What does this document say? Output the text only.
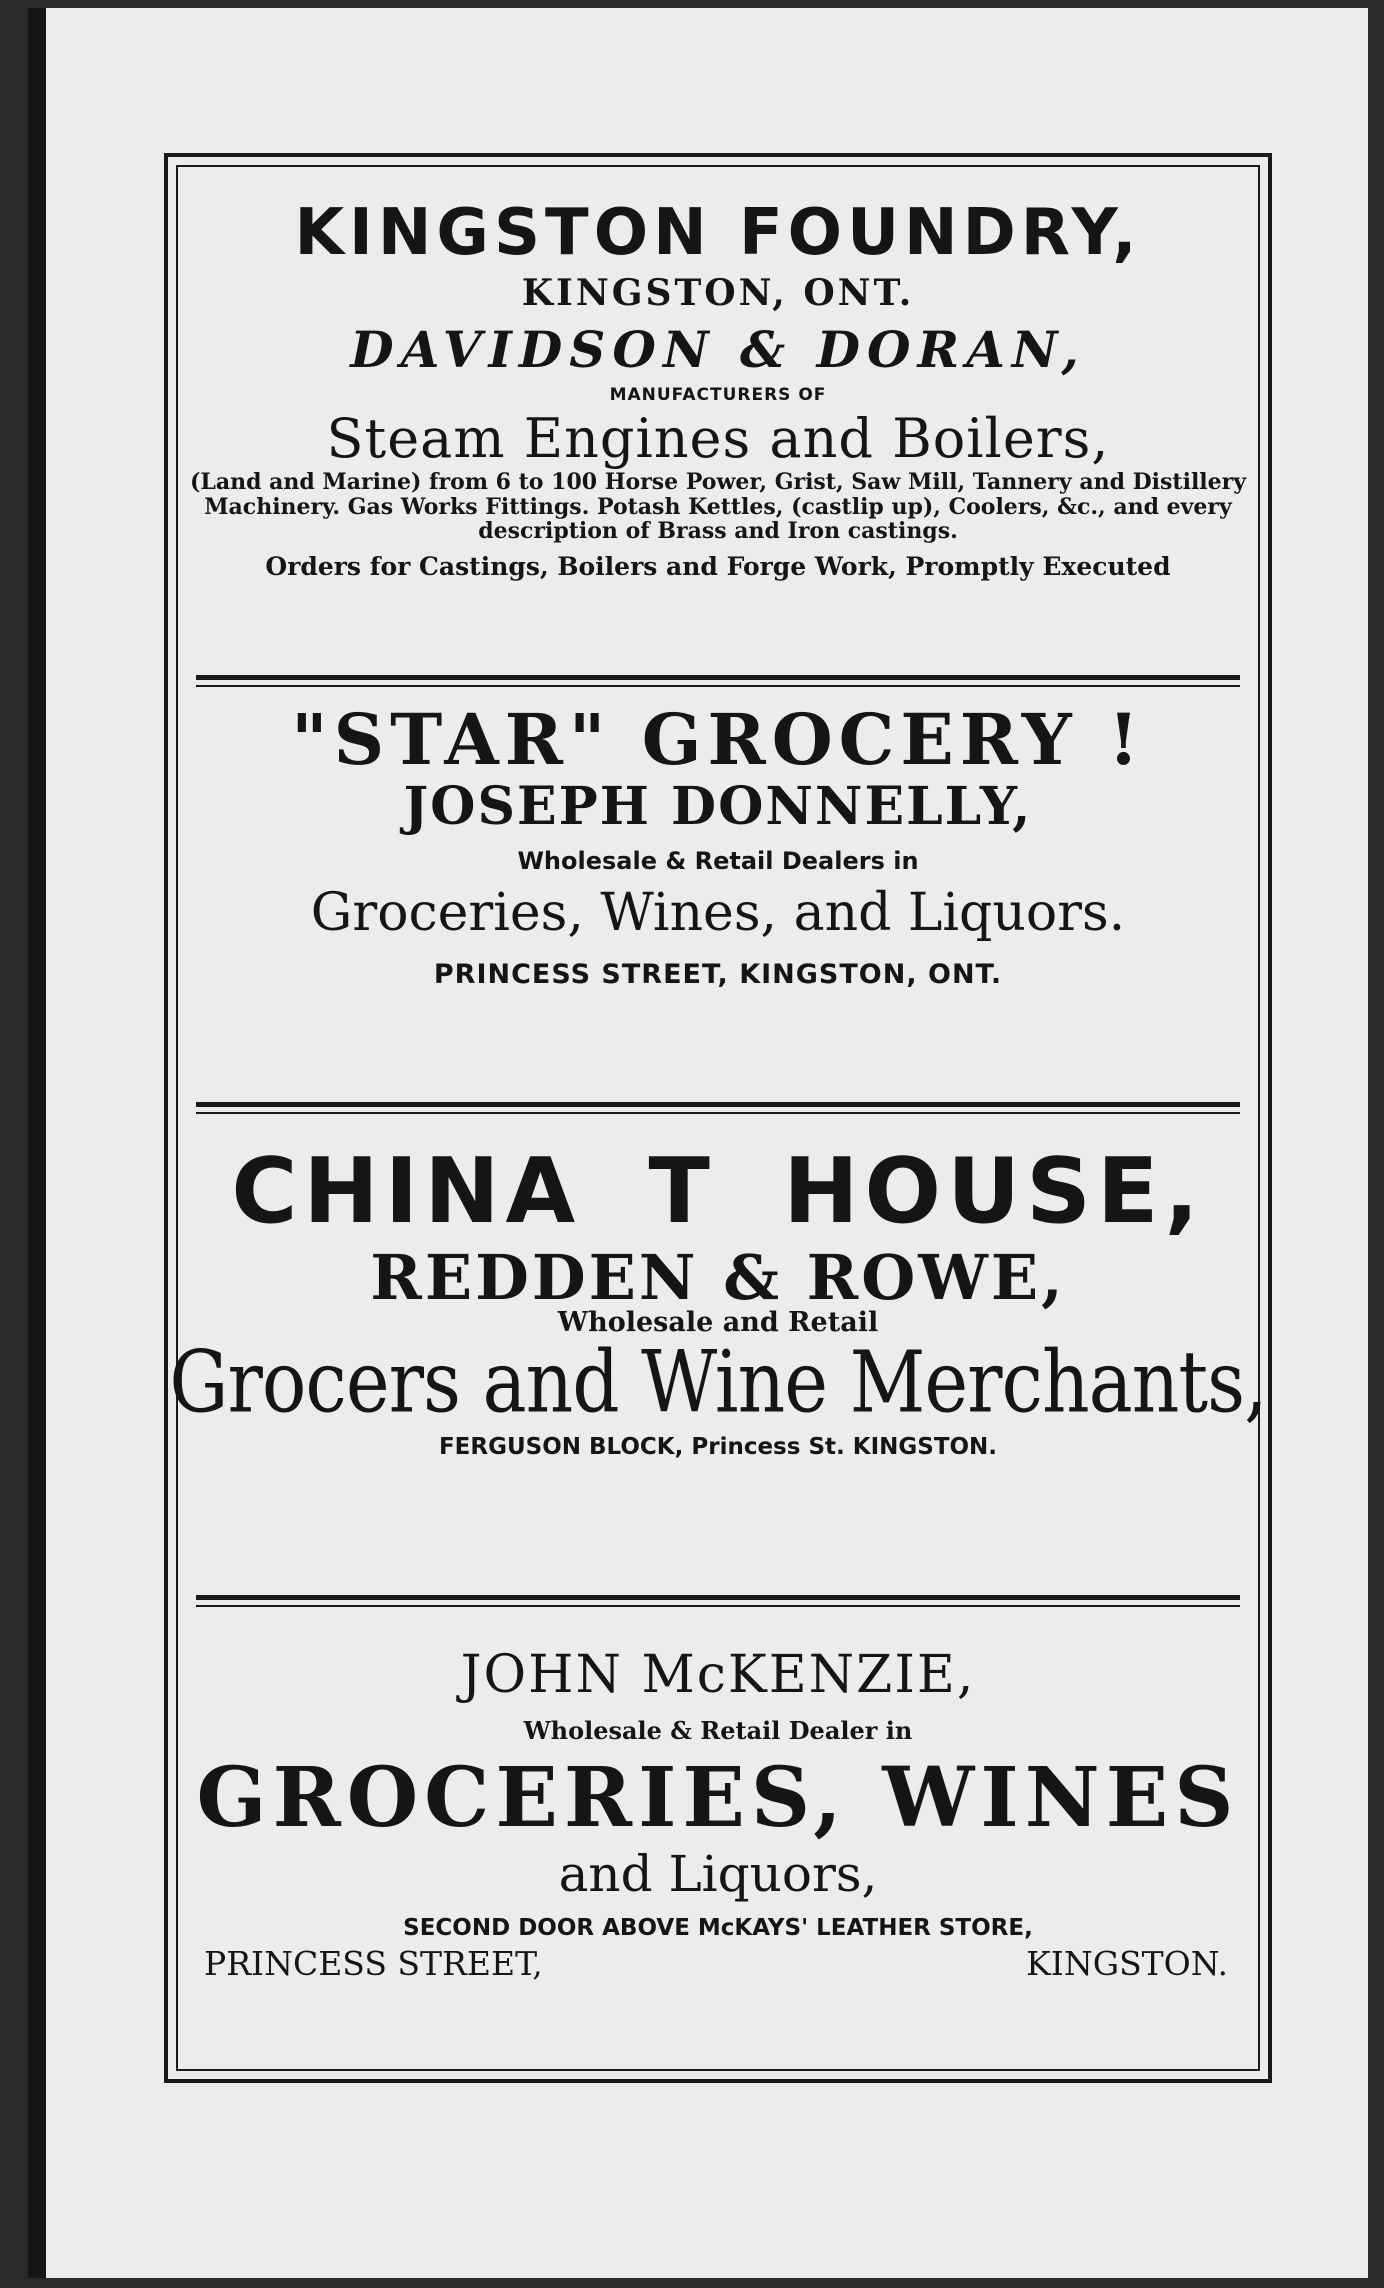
KINGSTON FOUNDRY,
KINGSTON, ONT.
DAVIDSON & DORAN,
MANUFACTURERS OF
Steam Engines and Boilers,
(Land and Marine) from 6 to 100 Horse Power, Grist, Saw Mill, Tannery and Distillery Machinery. Gas Works Fittings. Potash Kettles, (castlip up), Coolers, &c., and every description of Brass and Iron castings.
Orders for Castings, Boilers and Forge Work, Promptly Executed
"STAR" GROCERY !
JOSEPH DONNELLY,
Wholesale & Retail Dealers in
Groceries, Wines, and Liquors.
PRINCESS STREET, KINGSTON, ONT.
CHINA T HOUSE,
REDDEN & ROWE,
Wholesale and Retail
Grocers and Wine Merchants,
FERGUSON BLOCK, Princess St. KINGSTON.
JOHN McKENZIE,
Wholesale & Retail Dealer in
GROCERIES, WINES
and Liquors,
SECOND DOOR ABOVE McKAYS' LEATHER STORE,
PRINCESS STREET,	KINGSTON.
